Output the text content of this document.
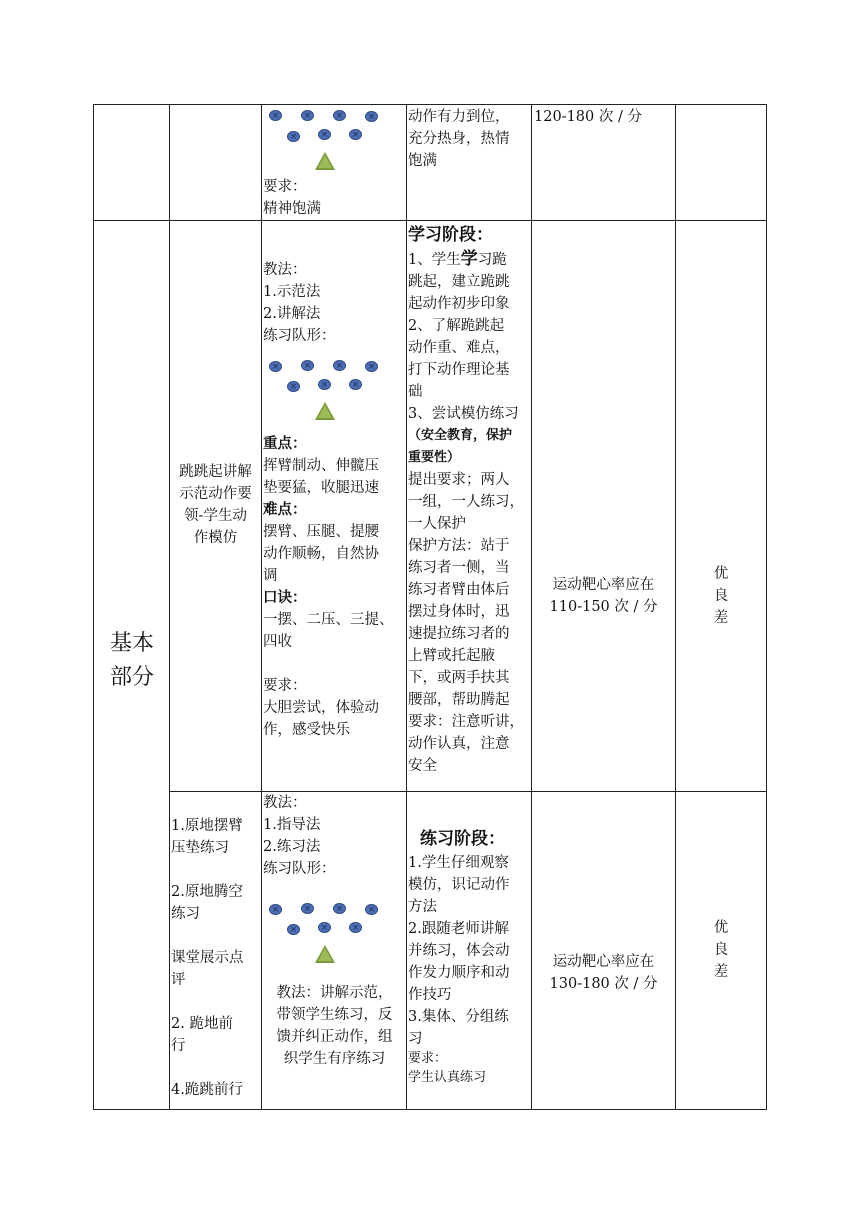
×
×
×
×
×
×
×

要求：

精神饱满

动作有力到位，

充分热身，热情

饱满

120-180 次 / 分
基本
部分

跳跳起讲解

示范动作要

领-学生动

作模仿

教法：

1.示范法

2.讲解法

练习队形：

×
×
×
×
×
×
×

重点：

挥臂制动、伸髋压

垫要猛，收腿迅速

难点：

摆臂、压腿、提腰

动作顺畅，自然协

调

口诀：

一摆、二压、三提、

四收

要求：

大胆尝试，体验动

作，感受快乐

学习阶段：

1、学生学习跪

跳起，建立跪跳

起动作初步印象

2、了解跪跳起

动作重、难点，

打下动作理论基

础

3、尝试模仿练习

（安全教育，保护

重要性）

提出要求；两人

一组，一人练习，

一人保护

保护方法：站于

练习者一侧，当

练习者臂由体后

摆过身体时，迅

速提拉练习者的

上臂或托起腋

下，或两手扶其

腰部，帮助腾起

要求：注意听讲，

动作认真，注意

安全

运动靶心率应在

110-150 次 / 分

优

良

差

1.原地摆臂

压垫练习

2.原地腾空

练习

课堂展示点

评

2. 跪地前

行

4.跪跳前行

教法：

1.指导法

2.练习法

练习队形：

×
×
×
×
×
×
×

教法：讲解示范，

带领学生练习，反

馈并纠正动作，组

织学生有序练习

练习阶段：

1.学生仔细观察

模仿，识记动作

方法

2.跟随老师讲解

并练习，体会动

作发力顺序和动

作技巧

3.集体、分组练

习

要求：

学生认真练习

运动靶心率应在

130-180 次 / 分

优

良

差
